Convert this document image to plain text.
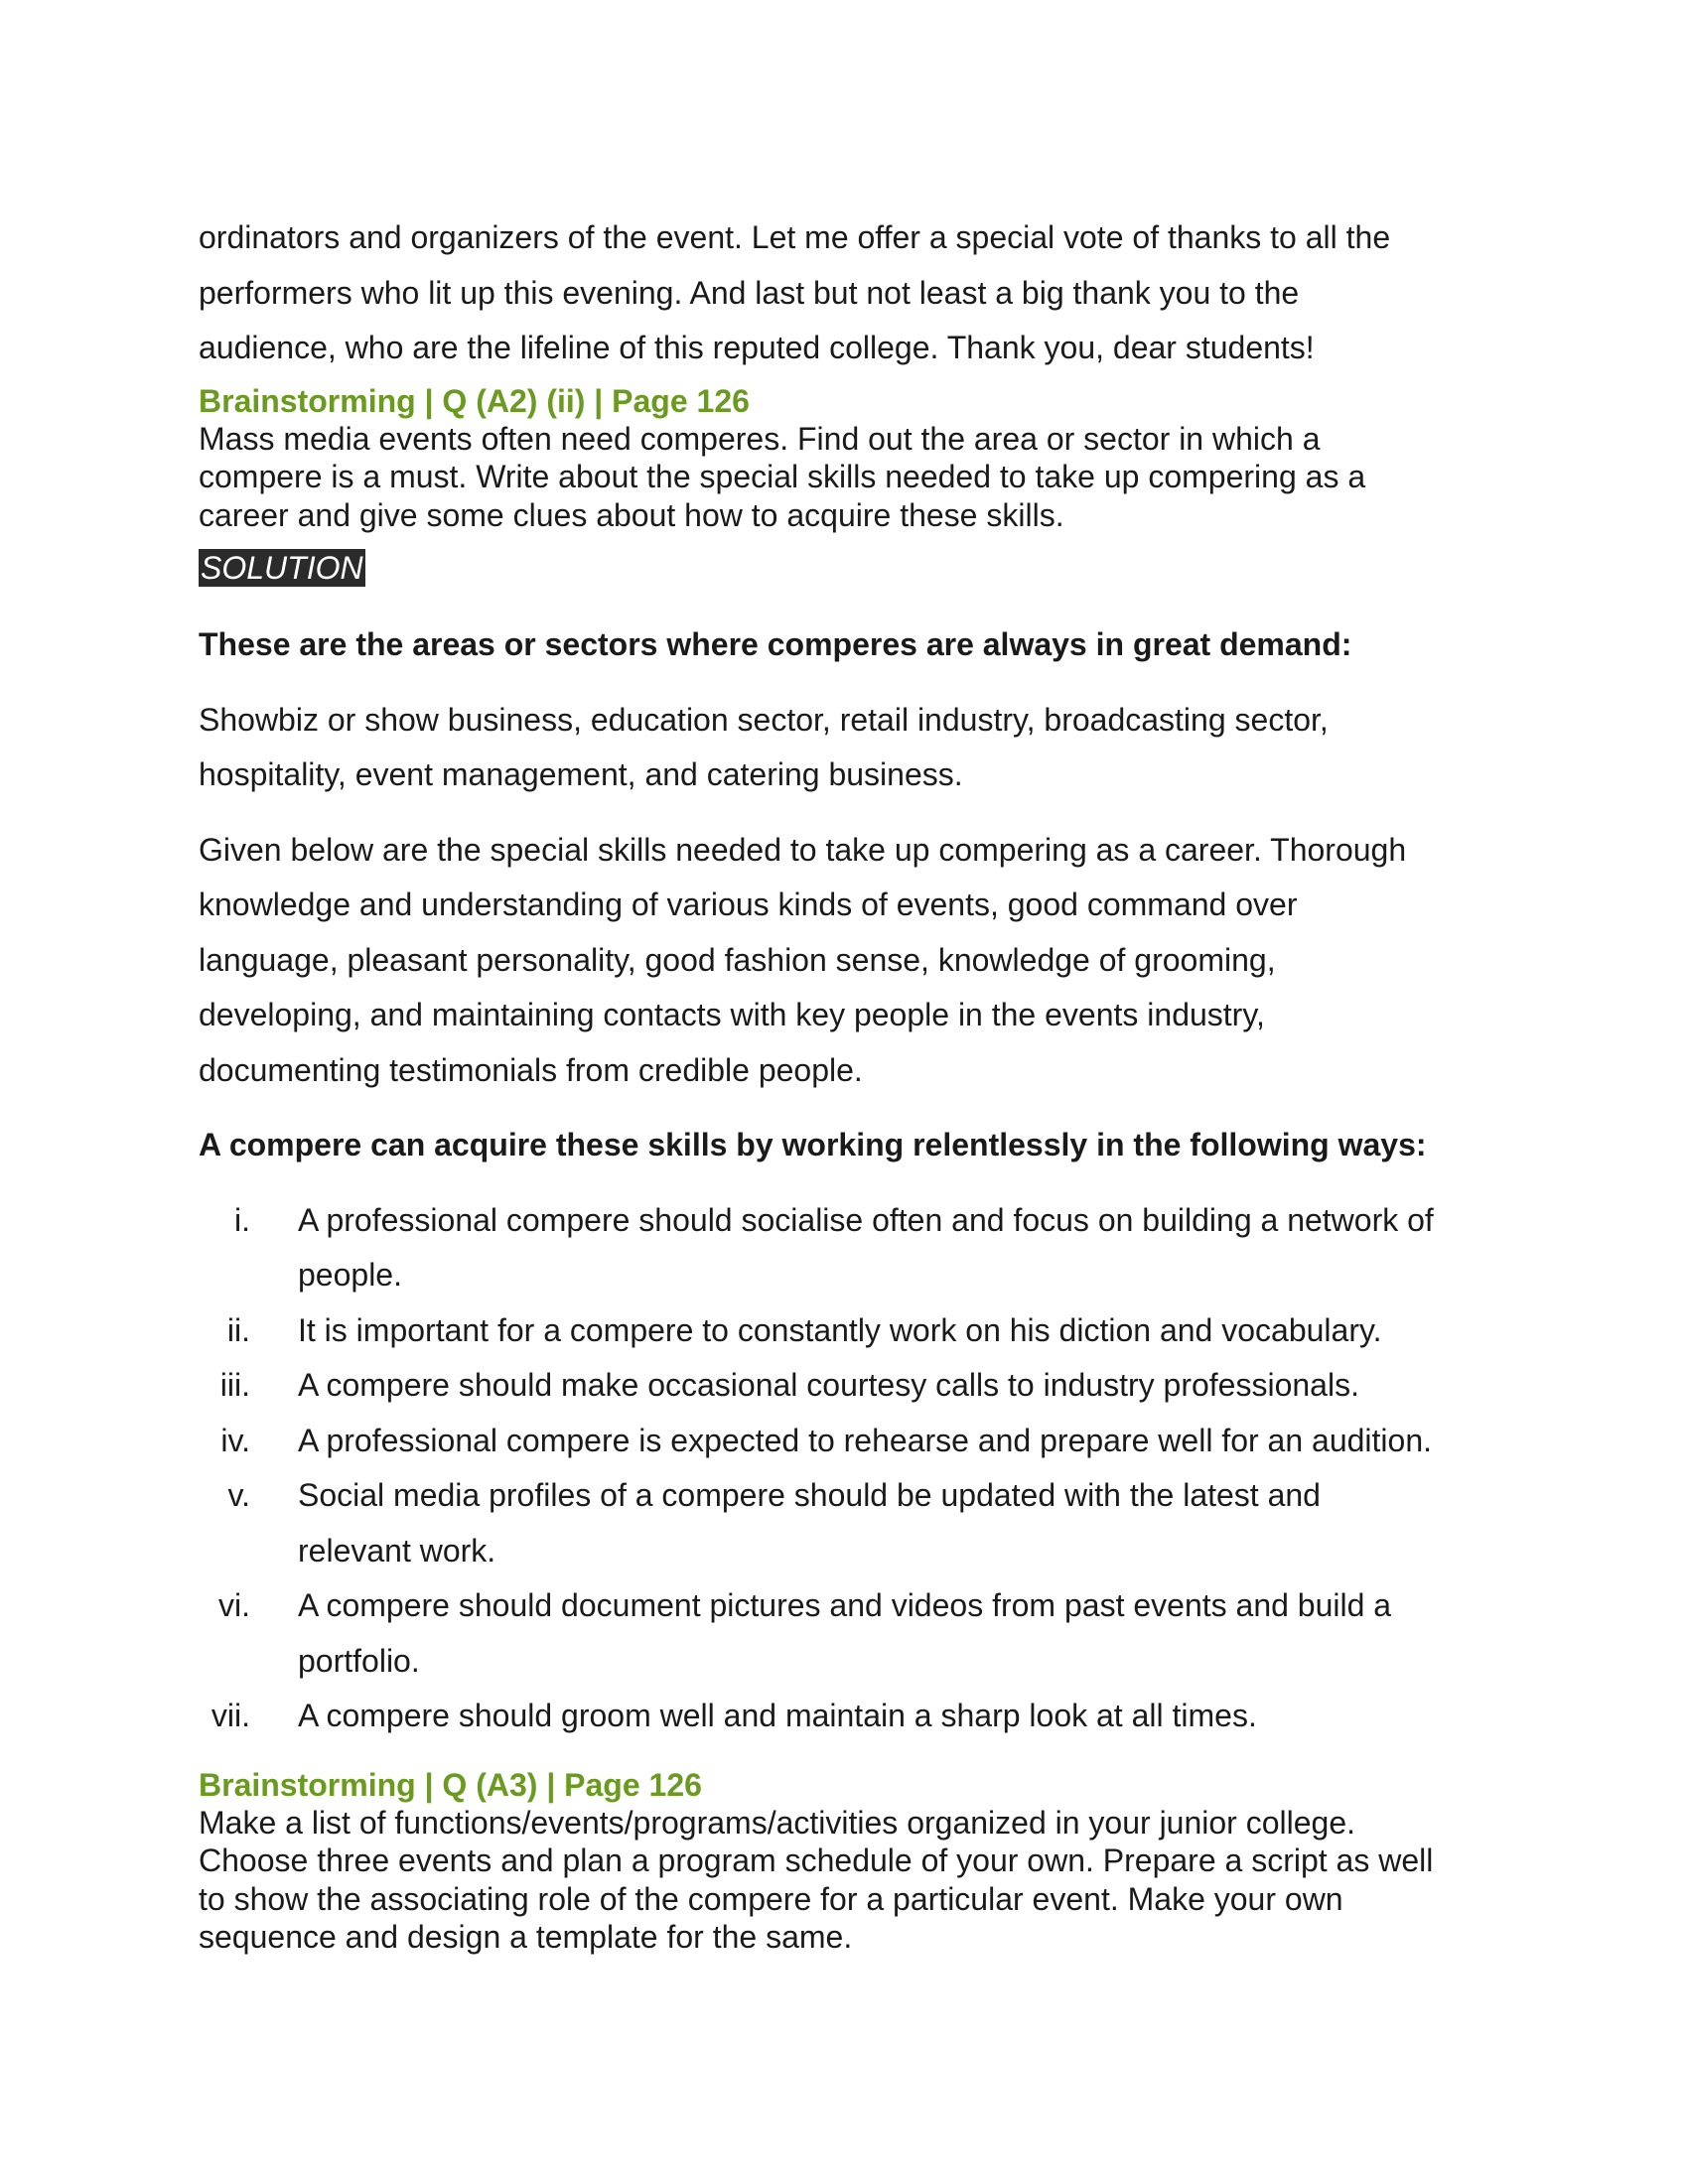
ordinators and organizers of the event. Let me offer a special vote of thanks to all the
performers who lit up this evening. And last but not least a big thank you to the
audience, who are the lifeline of this reputed college. Thank you, dear students!

Brainstorming | Q (A2) (ii) | Page 126

Mass media events often need comperes. Find out the area or sector in which a
compere is a must. Write about the special skills needed to take up compering as a
career and give some clues about how to acquire these skills.

SOLUTION

These are the areas or sectors where comperes are always in great demand:

Showbiz or show business, education sector, retail industry, broadcasting sector,
hospitality, event management, and catering business.

Given below are the special skills needed to take up compering as a career. Thorough
knowledge and understanding of various kinds of events, good command over
language, pleasant personality, good fashion sense, knowledge of grooming,
developing, and maintaining contacts with key people in the events industry,
documenting testimonials from credible people.

A compere can acquire these skills by working relentlessly in the following ways:

i. A professional compere should socialise often and focus on building a network of
people.
ii. It is important for a compere to constantly work on his diction and vocabulary.
iii. A compere should make occasional courtesy calls to industry professionals.
iv. A professional compere is expected to rehearse and prepare well for an audition.
v. Social media profiles of a compere should be updated with the latest and
relevant work.
vi. A compere should document pictures and videos from past events and build a
portfolio.
vii. A compere should groom well and maintain a sharp look at all times.

Brainstorming | Q (A3) | Page 126

Make a list of functions/events/programs/activities organized in your junior college.
Choose three events and plan a program schedule of your own. Prepare a script as well
to show the associating role of the compere for a particular event. Make your own
sequence and design a template for the same.
